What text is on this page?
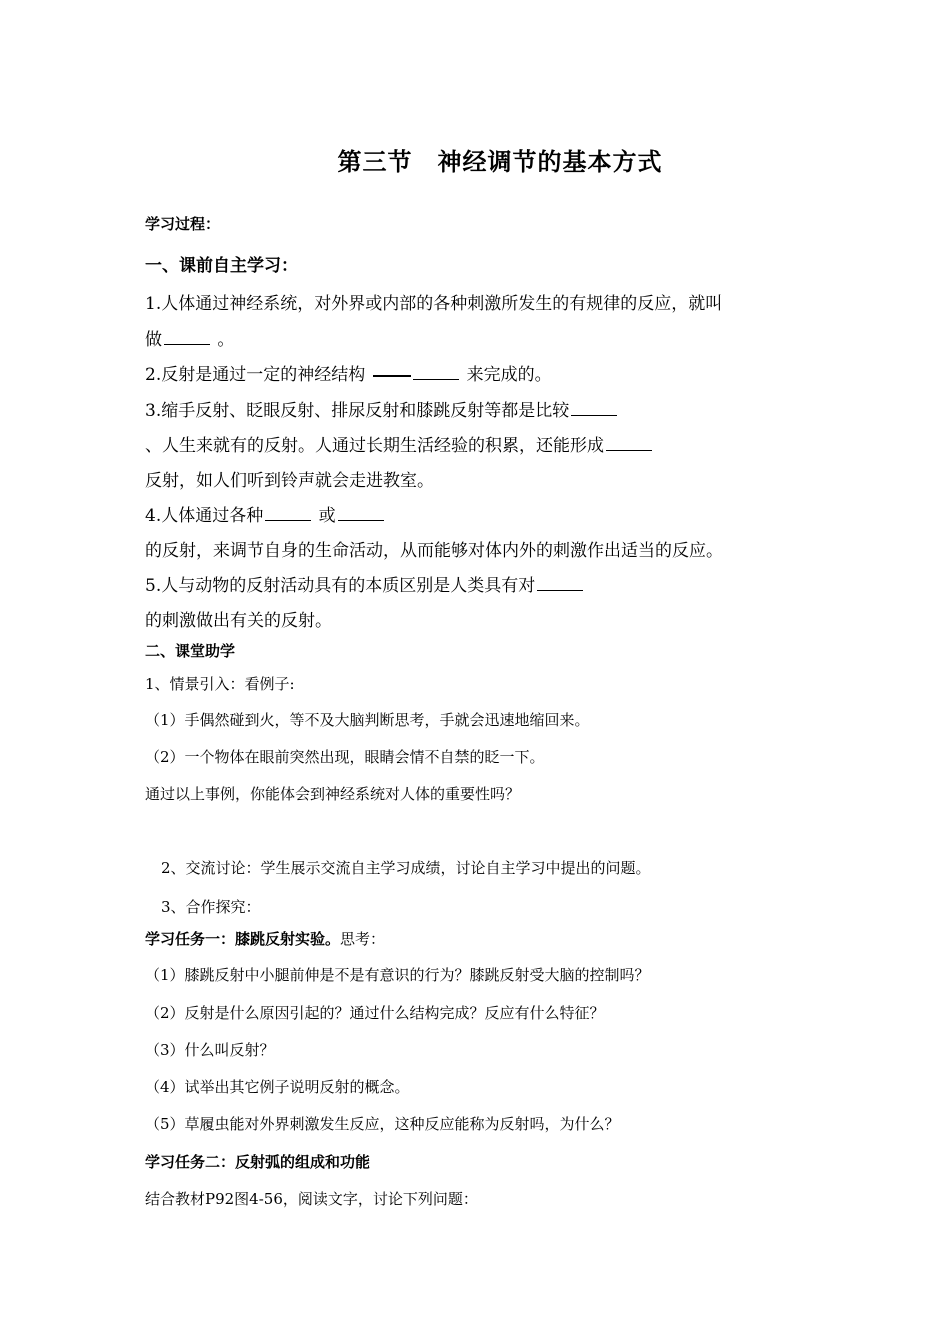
第三节　神经调节的基本方式
学习过程：
一、课前自主学习：
1.人体通过神经系统，对外界或内部的各种刺激所发生的有规律的反应，就叫
做	。
2.反射是通过一定的神经结构	来完成的。
3.缩手反射、眨眼反射、排尿反射和膝跳反射等都是比较
、人生来就有的反射。人通过长期生活经验的积累，还能形成
反射，如人们听到铃声就会走进教室。
4.人体通过各种	或
的反射，来调节自身的生命活动，从而能够对体内外的刺激作出适当的反应。
5.人与动物的反射活动具有的本质区别是人类具有对
的刺激做出有关的反射。
二、课堂助学
1、情景引入：看例子:
（1）手偶然碰到火，等不及大脑判断思考，手就会迅速地缩回来。
（2）一个物体在眼前突然出现，眼睛会情不自禁的眨一下。
通过以上事例，你能体会到神经系统对人体的重要性吗？
2、交流讨论：学生展示交流自主学习成绩，讨论自主学习中提出的问题。
3、合作探究：
学习任务一：膝跳反射实验。思考：
（1）膝跳反射中小腿前伸是不是有意识的行为？膝跳反射受大脑的控制吗？
（2）反射是什么原因引起的？通过什么结构完成？反应有什么特征？
（3）什么叫反射？
（4）试举出其它例子说明反射的概念。
（5）草履虫能对外界刺激发生反应，这种反应能称为反射吗，为什么？
学习任务二：反射弧的组成和功能
结合教材P92图4-56，阅读文字，讨论下列问题：
